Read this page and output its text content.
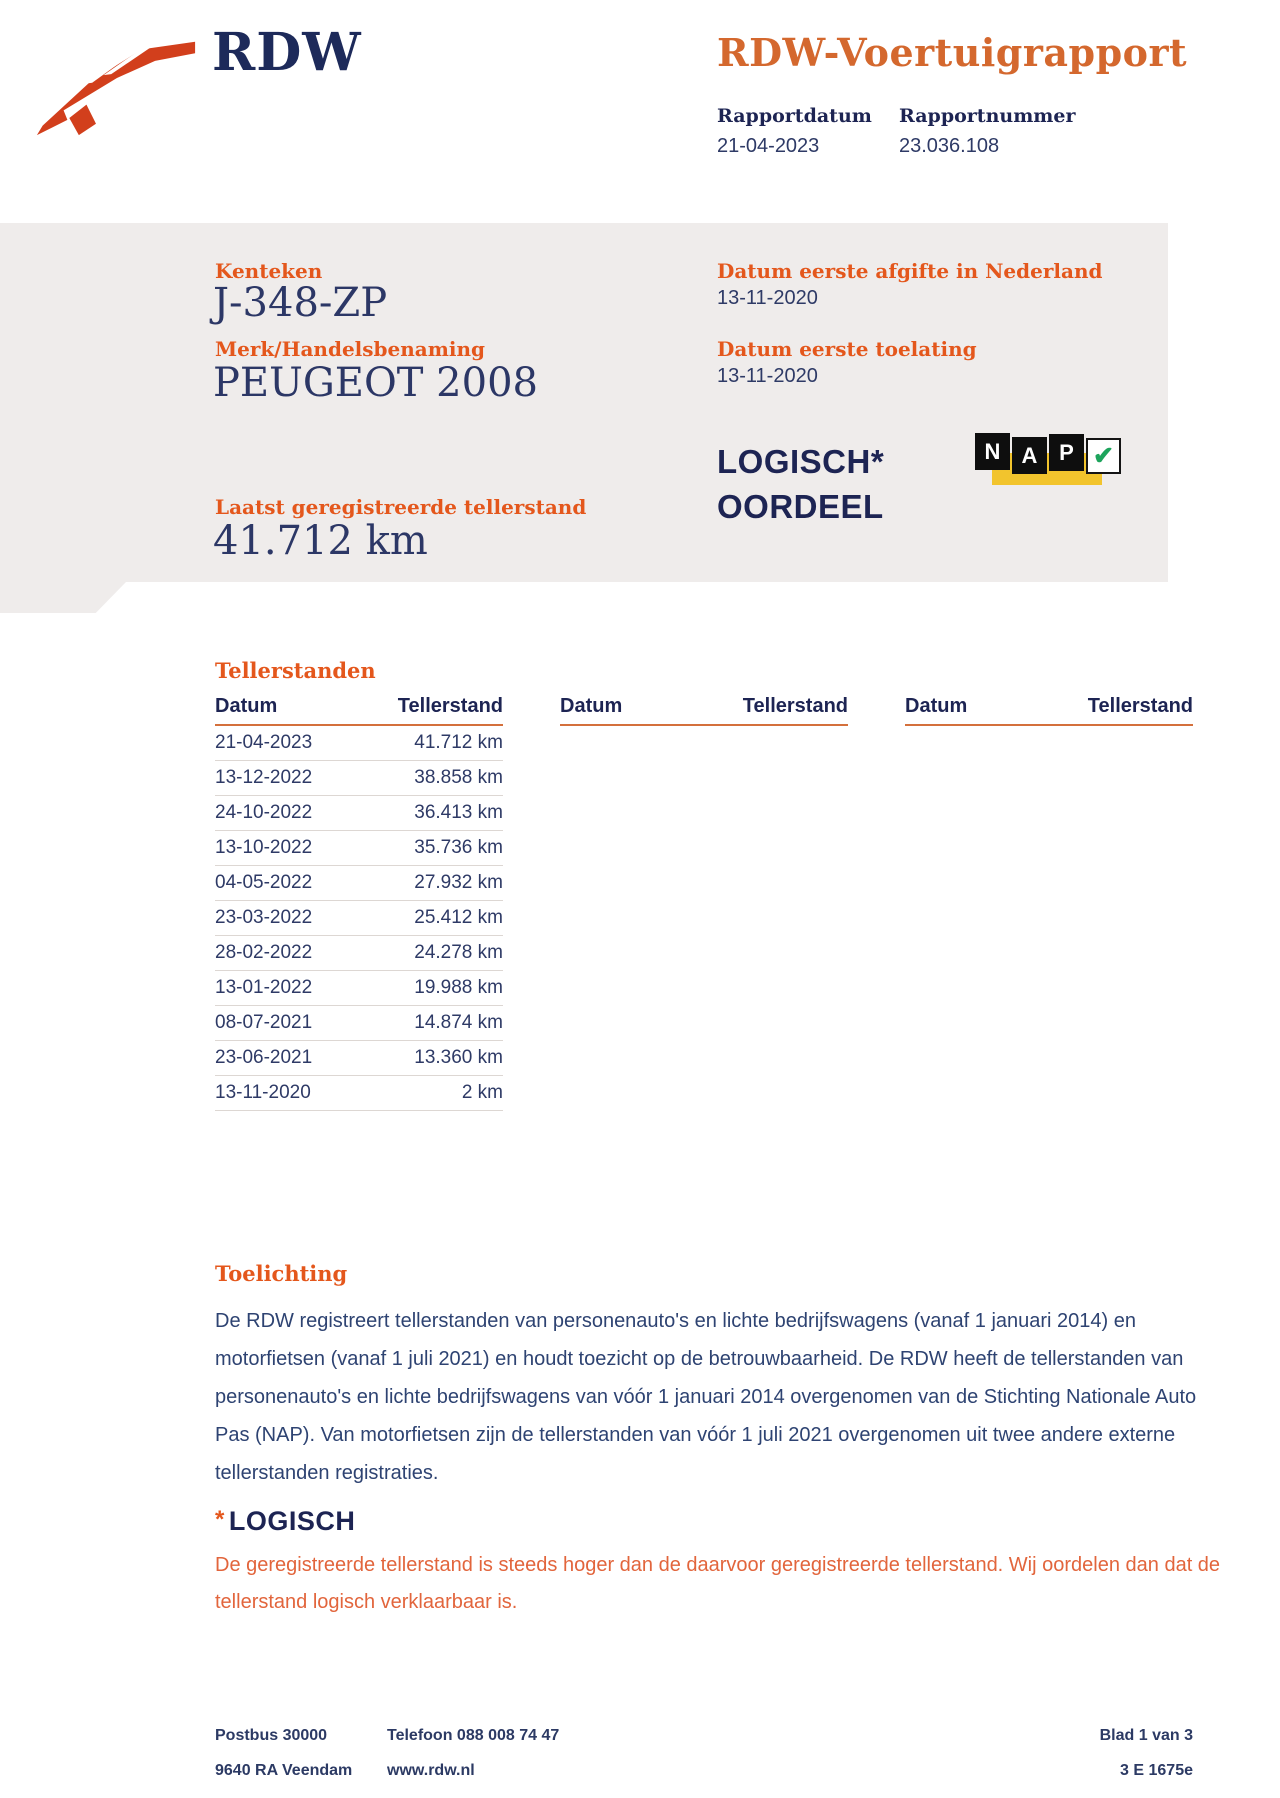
RDW	RDW-Voertuigrapport
Rapportdatum
21-04-2023
Rapportnummer
23.036.108
Kenteken
J-348-ZP
Merk/Handelsbenaming
PEUGEOT 2008
Laatst geregistreerde tellerstand
41.712 km
Datum eerste afgifte in Nederland
13-11-2020
Datum eerste toelating
13-11-2020
LOGISCH*
OORDEEL
N A P ✔
Tellerstanden
Datum	Tellerstand
21-04-2023	41.712 km
13-12-2022	38.858 km
24-10-2022	36.413 km
13-10-2022	35.736 km
04-05-2022	27.932 km
23-03-2022	25.412 km
28-02-2022	24.278 km
13-01-2022	19.988 km
08-07-2021	14.874 km
23-06-2021	13.360 km
13-11-2020	2 km
Datum	Tellerstand	Datum	Tellerstand
Toelichting

De RDW registreert tellerstanden van personenauto's en lichte bedrijfswagens (vanaf 1 januari 2014) en motorfietsen (vanaf 1 juli 2021) en houdt toezicht op de betrouwbaarheid. De RDW heeft de tellerstanden van personenauto's en lichte bedrijfswagens van vóór 1 januari 2014 overgenomen van de Stichting Nationale Auto Pas (NAP). Van motorfietsen zijn de tellerstanden van vóór 1 juli 2021 overgenomen uit twee andere externe tellerstanden registraties.

* LOGISCH

De geregistreerde tellerstand is steeds hoger dan de daarvoor geregistreerde tellerstand. Wij oordelen dan dat de tellerstand logisch verklaarbaar is.

Postbus 30000
9640 RA Veendam
Telefoon 088 008 74 47
www.rdw.nl
Blad 1 van 3
3 E 1675e
